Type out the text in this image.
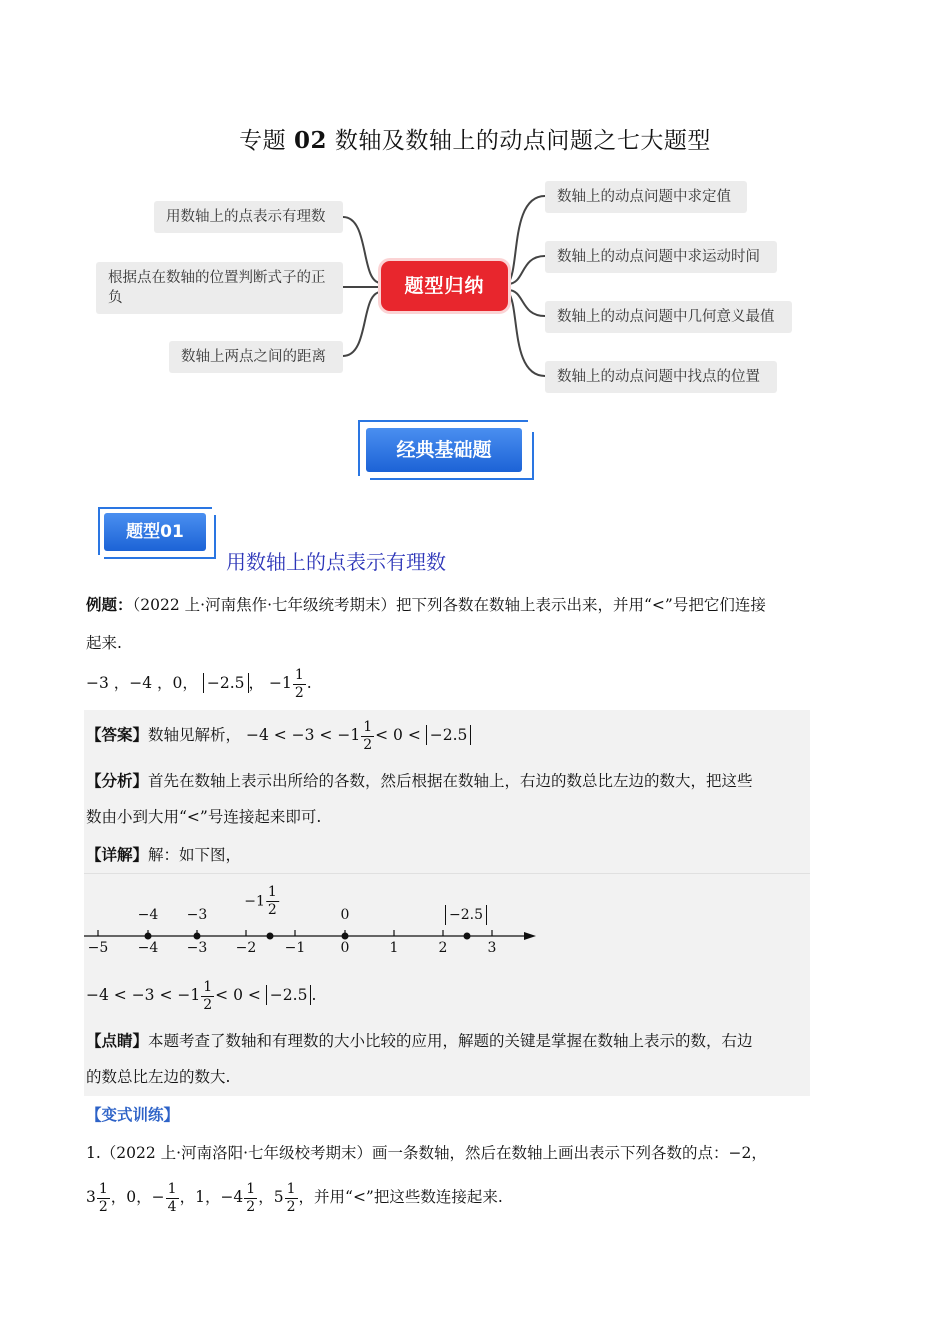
专题 02 数轴及数轴上的动点问题之七大题型
用数轴上的点表示有理数
根据点在数轴的位置判断式子的正负
数轴上两点之间的距离
题型归纳
数轴上的动点问题中求定值
数轴上的动点问题中求运动时间
数轴上的动点问题中几何意义最值
数轴上的动点问题中找点的位置
经典基础题
题型01
用数轴上的点表示有理数
例题：（2022 上·河南焦作·七年级统考期末）把下列各数在数轴上表示出来，并用“<”号把它们连接
起来.
−3 ，−4 ，0， −2.5 ， $-1 \frac{1}{2}$ .
【答案】数轴见解析， $-4 < -3 < -1 \frac{1}{2} < 0 < -2.5$
【分析】首先在数轴上表示出所给的各数，然后根据在数轴上，右边的数总比左边的数大，把这些
数由小到大用“<”号连接起来即可.
【详解】解：如下图，
−5 −4 −3 −2 −1	0	1	2	3
−4 −3
$-1 \frac{1}{2}$	0	−2.5
$-4 < -3 < -1 \frac{1}{2} < 0 < -2.5$ .
【点睛】本题考查了数轴和有理数的大小比较的应用，解题的关键是掌握在数轴上表示的数，右边
的数总比左边的数大.
【变式训练】
1.（2022 上·河南洛阳·七年级校考期末）画一条数轴，然后在数轴上画出表示下列各数的点：−2，
$3 \frac{1}{2}$ ，0，− $\frac{1}{4}$ ，1，$-4 \frac{1}{2}$ ，$5 \frac{1}{2}$ ，并用“<”把这些数连接起来.
